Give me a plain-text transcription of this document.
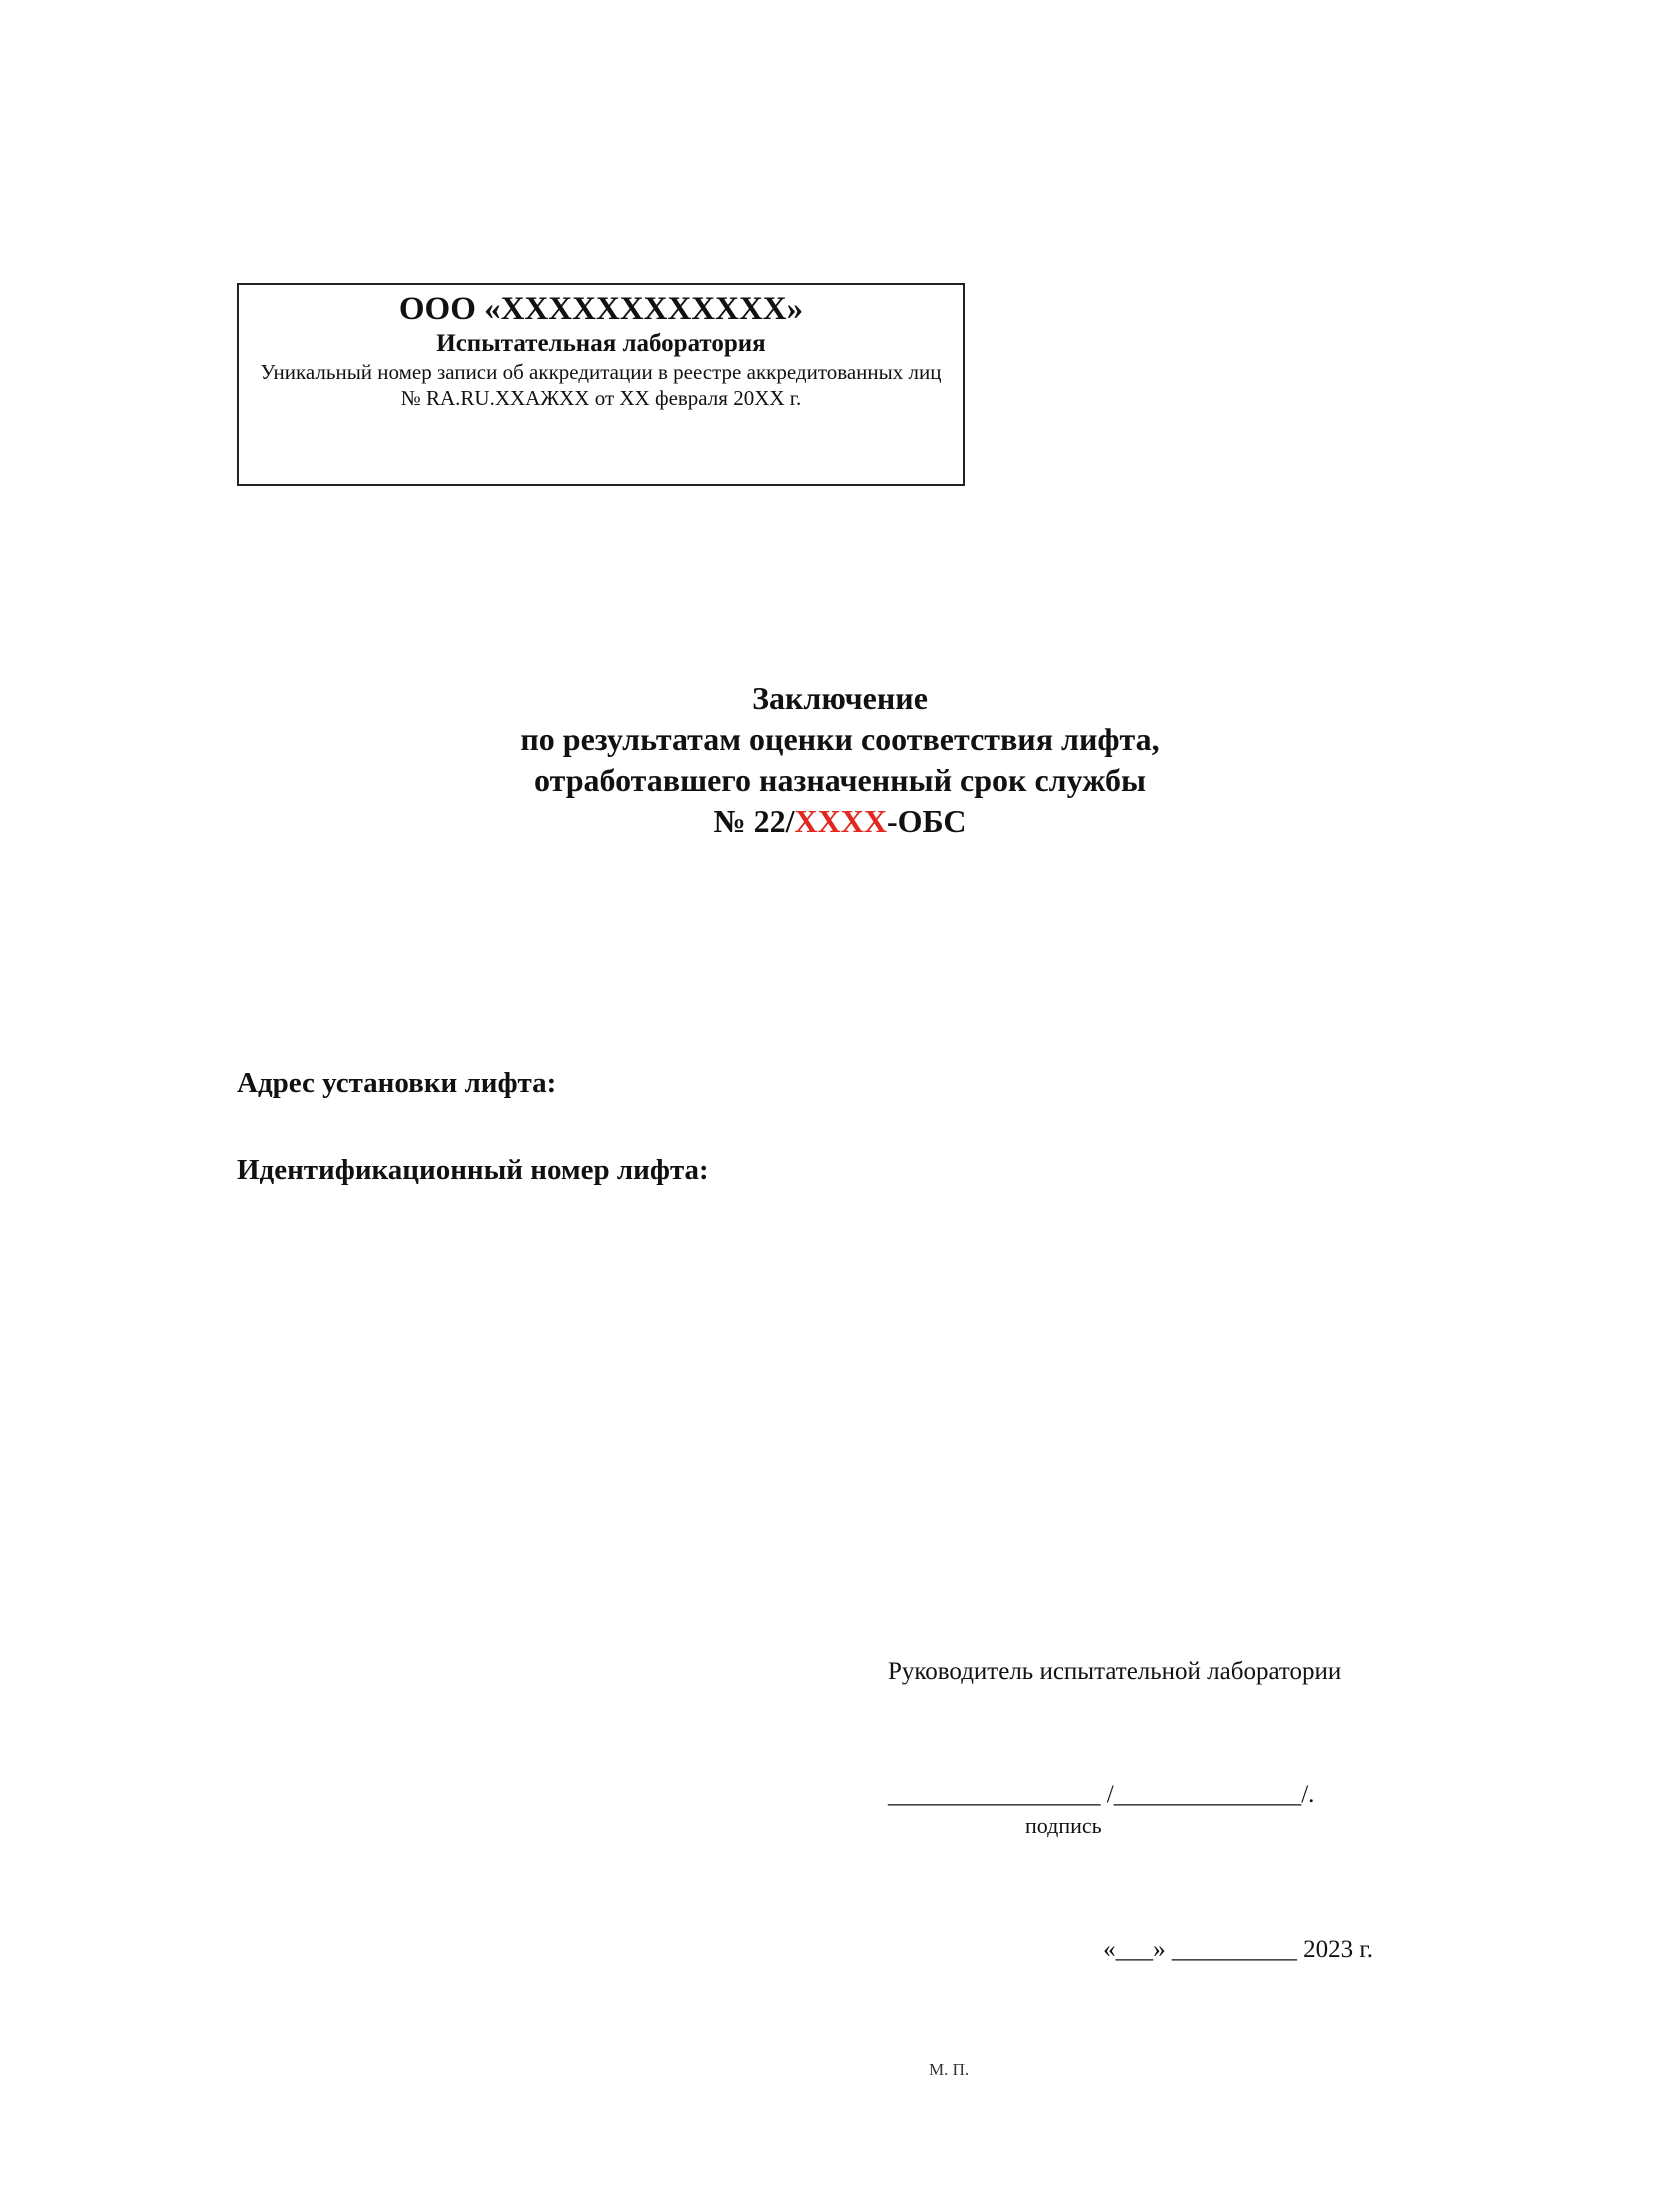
ООО «ХХХХХХХХХХХХ»
Испытательная лаборатория
Уникальный номер записи об аккредитации в реестре аккредитованных лиц
№ RA.RU.ХХАЖХХ от ХХ февраля 20ХХ г.
Заключение
по результатам оценки соответствия лифта,
отработавшего назначенный срок службы
№ 22/ХХХХ-ОБС
Адрес установки лифта:
Идентификационный номер лифта:
Руководитель испытательной лаборатории
_________________ /_______________/.
подпись
«___» __________ 2023 г.
М. П.
